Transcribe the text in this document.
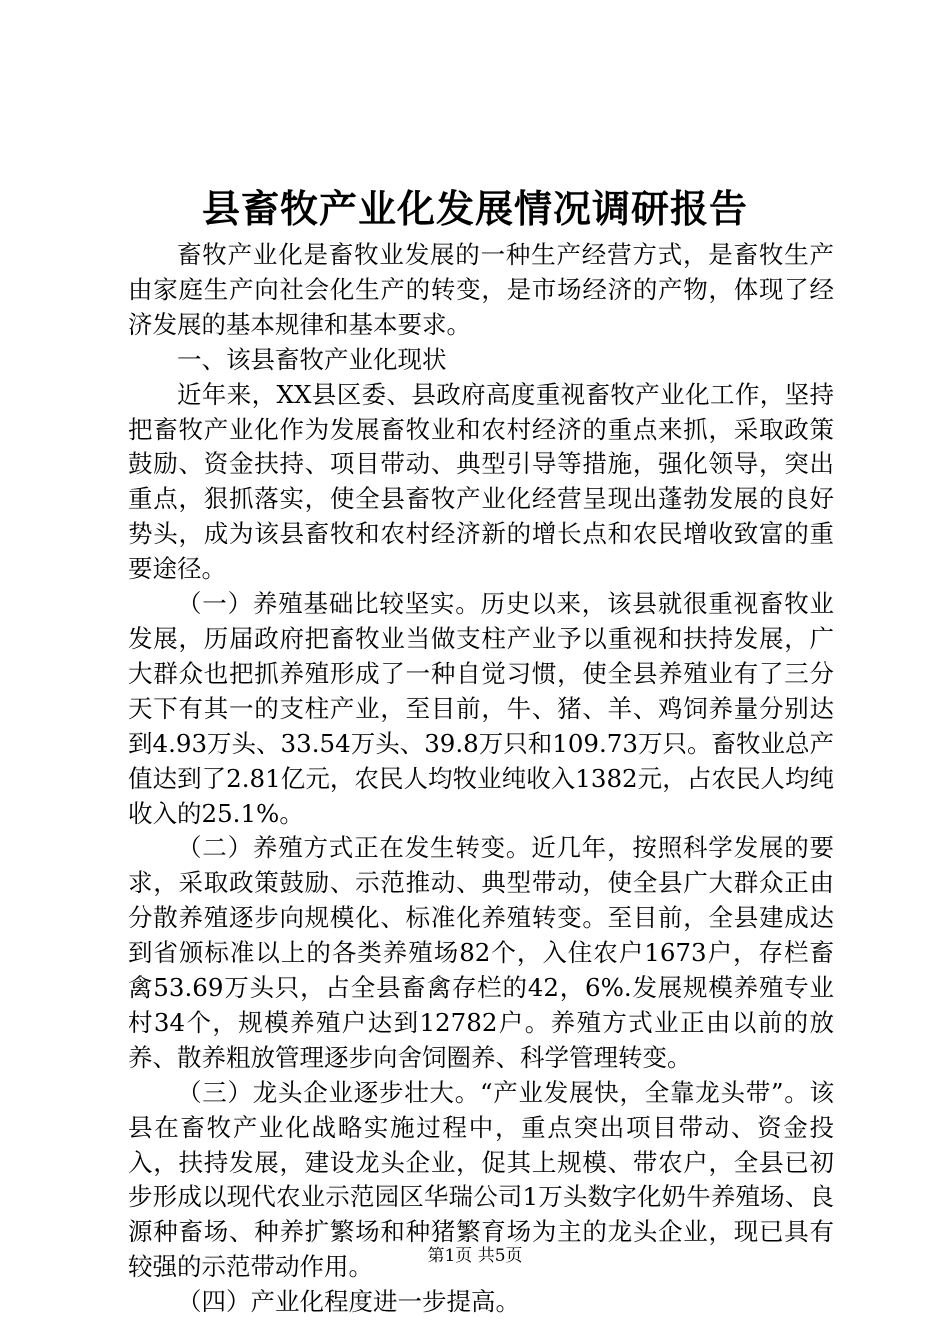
县畜牧产业化发展情况调研报告

畜牧产业化是畜牧业发展的一种生产经营方式，是畜牧生产由家庭生产向社会化生产的转变，是市场经济的产物，体现了经济发展的基本规律和基本要求。

一、该县畜牧产业化现状

近年来，XX县区委、县政府高度重视畜牧产业化工作，坚持把畜牧产业化作为发展畜牧业和农村经济的重点来抓，采取政策鼓励、资金扶持、项目带动、典型引导等措施，强化领导，突出重点，狠抓落实，使全县畜牧产业化经营呈现出蓬勃发展的良好势头，成为该县畜牧和农村经济新的增长点和农民增收致富的重要途径。

（一）养殖基础比较坚实。历史以来，该县就很重视畜牧业发展，历届政府把畜牧业当做支柱产业予以重视和扶持发展，广大群众也把抓养殖形成了一种自觉习惯，使全县养殖业有了三分天下有其一的支柱产业，至目前，牛、猪、羊、鸡饲养量分别达到4.93万头、33.54万头、39.8万只和109.73万只。畜牧业总产值达到了2.81亿元，农民人均牧业纯收入1382元，占农民人均纯收入的25.1%。

（二）养殖方式正在发生转变。近几年，按照科学发展的要求，采取政策鼓励、示范推动、典型带动，使全县广大群众正由分散养殖逐步向规模化、标准化养殖转变。至目前，全县建成达到省颁标准以上的各类养殖场82个，入住农户1673户，存栏畜禽53.69万头只，占全县畜禽存栏的42，6%.发展规模养殖专业村34个，规模养殖户达到12782户。养殖方式业正由以前的放养、散养粗放管理逐步向舍饲圈养、科学管理转变。

（三）龙头企业逐步壮大。“产业发展快，全靠龙头带”。该县在畜牧产业化战略实施过程中，重点突出项目带动、资金投入，扶持发展，建设龙头企业，促其上规模、带农户，全县已初步形成以现代农业示范园区华瑞公司1万头数字化奶牛养殖场、良源种畜场、种养扩繁场和种猪繁育场为主的龙头企业，现已具有较强的示范带动作用。

（四）产业化程度进一步提高。

第1页 共5页
